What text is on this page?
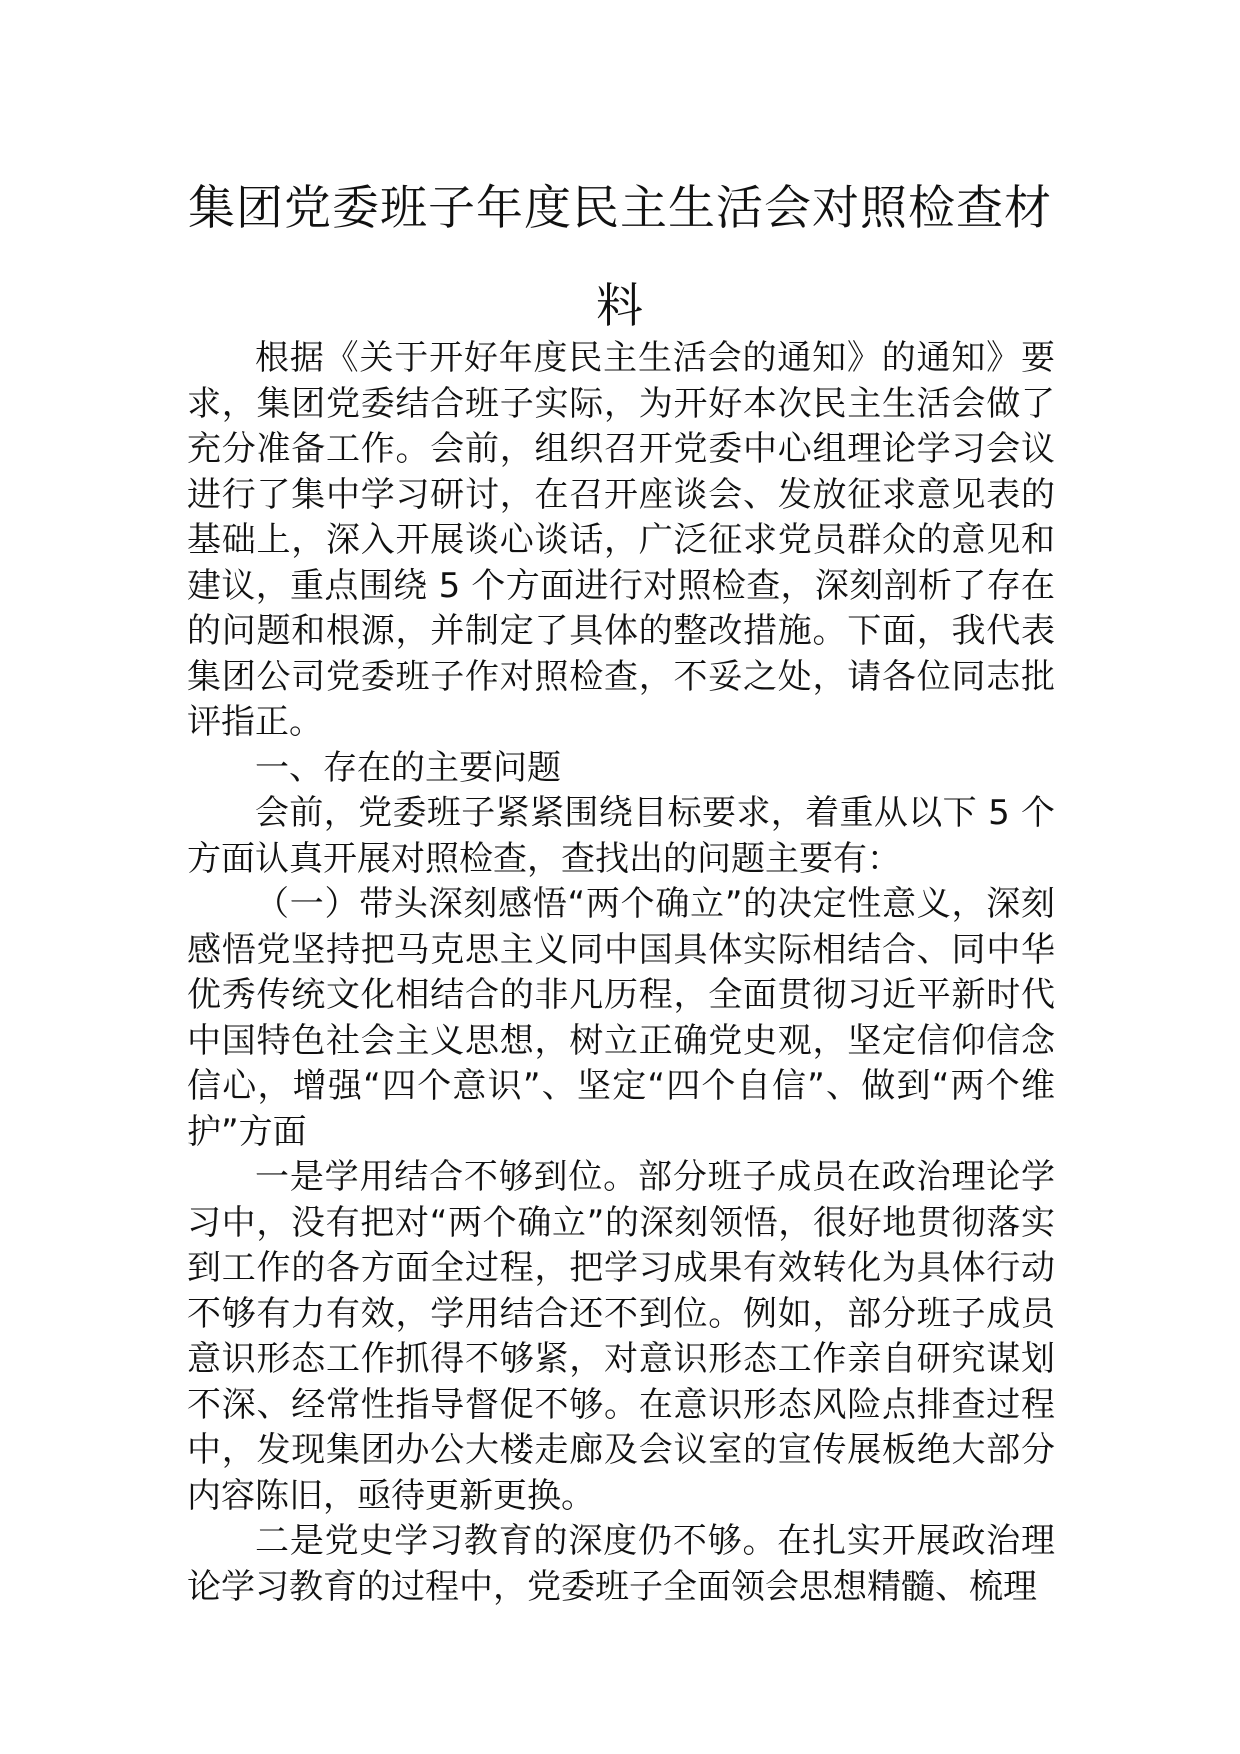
集团党委班子年度民主生活会对照检查材
料

根据《关于开好年度民主生活会的通知》的通知》要求，集团党委结合班子实际，为开好本次民主生活会做了充分准备工作。会前，组织召开党委中心组理论学习会议进行了集中学习研讨，在召开座谈会、发放征求意见表的基础上，深入开展谈心谈话，广泛征求党员群众的意见和建议，重点围绕 5 个方面进行对照检查，深刻剖析了存在的问题和根源，并制定了具体的整改措施。下面，我代表集团公司党委班子作对照检查，不妥之处，请各位同志批评指正。

一、存在的主要问题

会前，党委班子紧紧围绕目标要求，着重从以下 5 个方面认真开展对照检查，查找出的问题主要有：

（一）带头深刻感悟“两个确立”的决定性意义，深刻感悟党坚持把马克思主义同中国具体实际相结合、同中华优秀传统文化相结合的非凡历程，全面贯彻习近平新时代中国特色社会主义思想，树立正确党史观，坚定信仰信念信心，增强“四个意识”、坚定“四个自信”、做到“两个维护”方面

一是学用结合不够到位。部分班子成员在政治理论学习中，没有把对“两个确立”的深刻领悟，很好地贯彻落实到工作的各方面全过程，把学习成果有效转化为具体行动不够有力有效，学用结合还不到位。例如，部分班子成员意识形态工作抓得不够紧，对意识形态工作亲自研究谋划不深、经常性指导督促不够。在意识形态风险点排查过程中，发现集团办公大楼走廊及会议室的宣传展板绝大部分内容陈旧，亟待更新更换。

二是党史学习教育的深度仍不够。在扎实开展政治理论学习教育的过程中，党委班子全面领会思想精髓、梳理
